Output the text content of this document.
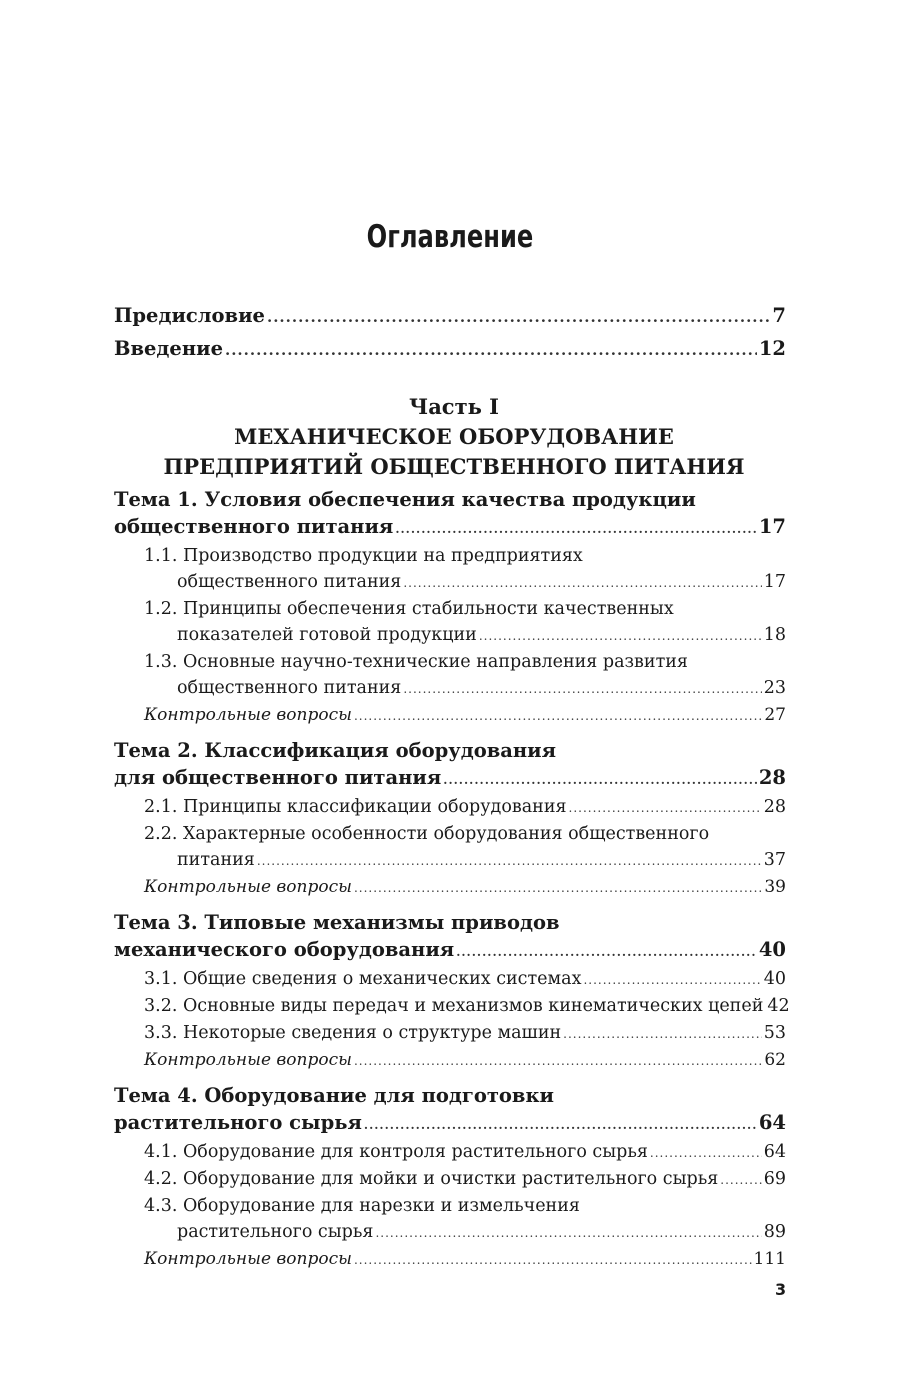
Оглавление
Предисловие .....	7
Введение .....	12
Часть I
МЕХАНИЧЕСКОЕ ОБОРУДОВАНИЕ
ПРЕДПРИЯТИЙ ОБЩЕСТВЕННОГО ПИТАНИЯ
Тема 1. Условия обеспечения качества продукции
общественного питания .....	17
1.1. Производство продукции на предприятиях
общественного питания .....	17
1.2. Принципы обеспечения стабильности качественных
показателей готовой продукции .....	18
1.3. Основные научно-технические направления развития
общественного питания .....	23
Контрольные вопросы .....	27
Тема 2. Классификация оборудования
для общественного питания .....	28
2.1. Принципы классификации оборудования .....	28
2.2. Характерные особенности оборудования общественного
питания .....	37
Контрольные вопросы .....	39
Тема 3. Типовые механизмы приводов
механического оборудования .....	40
3.1. Общие сведения о механических системах .....	40
3.2. Основные виды передач и механизмов кинематических цепей 42
3.3. Некоторые сведения о структуре машин .....	53
Контрольные вопросы .....	62
Тема 4. Оборудование для подготовки
растительного сырья .....	64
4.1. Оборудование для контроля растительного сырья .....	64
4.2. Оборудование для мойки и очистки растительного сырья .....	69
4.3. Оборудование для нарезки и измельчения
растительного сырья .....	89
Контрольные вопросы .....	111
3
